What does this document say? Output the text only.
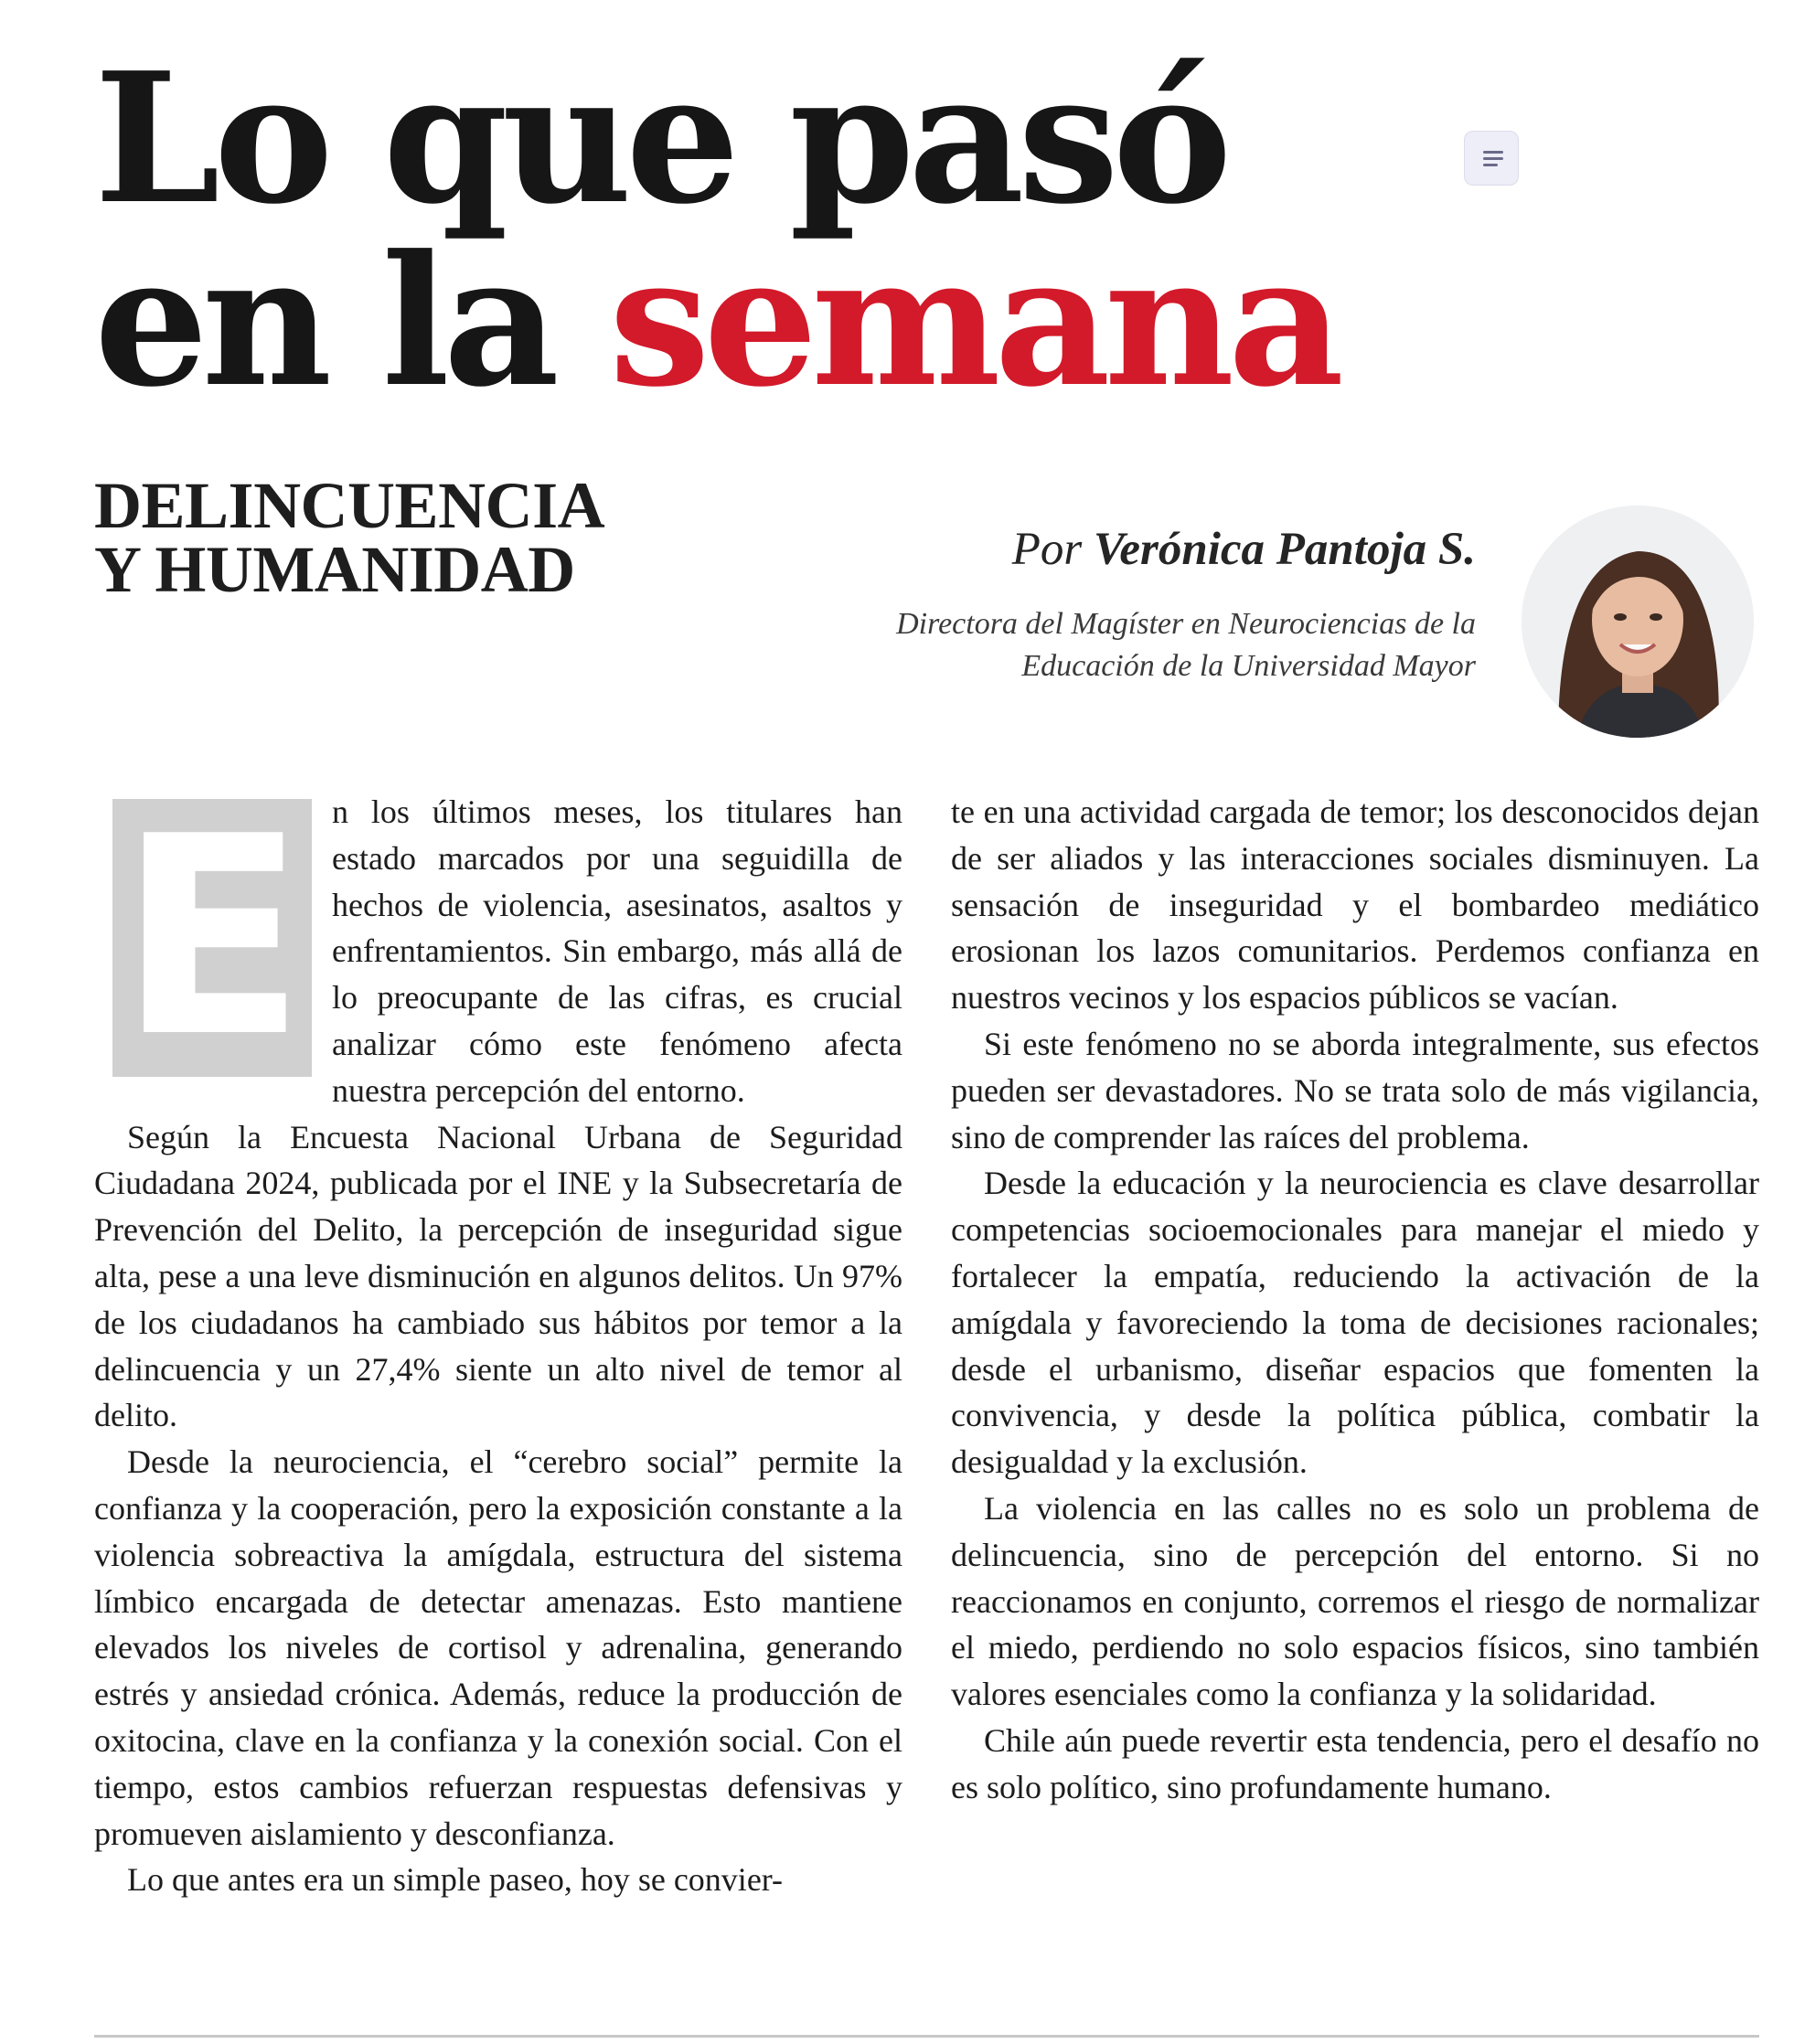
Lo que pasó
en la semana
DELINCUENCIA
Y HUMANIDAD	Por Verónica Pantoja S.
Directora del Magíster en Neurociencias de la
Educación de la Universidad Mayor

E n los últimos meses, los titulares han estado marcados por una seguidilla de hechos de violencia, asesinatos, asaltos y enfrentamientos. Sin embargo, más allá de lo preocupante de las cifras, es crucial analizar cómo este fenómeno afecta nuestra percepción del entorno.

Según la Encuesta Nacional Urbana de Seguridad Ciudadana 2024, publicada por el INE y la Subsecretaría de Prevención del Delito, la percepción de inseguridad sigue alta, pese a una leve disminución en algunos delitos. Un 97% de los ciudadanos ha cambiado sus hábitos por temor a la delincuencia y un 27,4% siente un alto nivel de temor al delito.

Desde la neurociencia, el “cerebro social” permite la confianza y la cooperación, pero la exposición constante a la violencia sobreactiva la amígdala, estructura del sistema límbico encargada de detectar amenazas. Esto mantiene elevados los niveles de cortisol y adrenalina, generando estrés y ansiedad crónica. Además, reduce la producción de oxitocina, clave en la confianza y la conexión social. Con el tiempo, estos cambios refuerzan respuestas defensivas y promueven aislamiento y desconfianza.

Lo que antes era un simple paseo, hoy se convier-

te en una actividad cargada de temor; los desconocidos dejan de ser aliados y las interacciones sociales disminuyen. La sensación de inseguridad y el bombardeo mediático erosionan los lazos comunitarios. Perdemos confianza en nuestros vecinos y los espacios públicos se vacían.

Si este fenómeno no se aborda integralmente, sus efectos pueden ser devastadores. No se trata solo de más vigilancia, sino de comprender las raíces del problema.

Desde la educación y la neurociencia es clave desarrollar competencias socioemocionales para manejar el miedo y fortalecer la empatía, reduciendo la activación de la amígdala y favoreciendo la toma de decisiones racionales; desde el urbanismo, diseñar espacios que fomenten la convivencia, y desde la política pública, combatir la desigualdad y la exclusión.

La violencia en las calles no es solo un problema de delincuencia, sino de percepción del entorno. Si no reaccionamos en conjunto, corremos el riesgo de normalizar el miedo, perdiendo no solo espacios físicos, sino también valores esenciales como la confianza y la solidaridad.

Chile aún puede revertir esta tendencia, pero el desafío no es solo político, sino profundamente humano.
